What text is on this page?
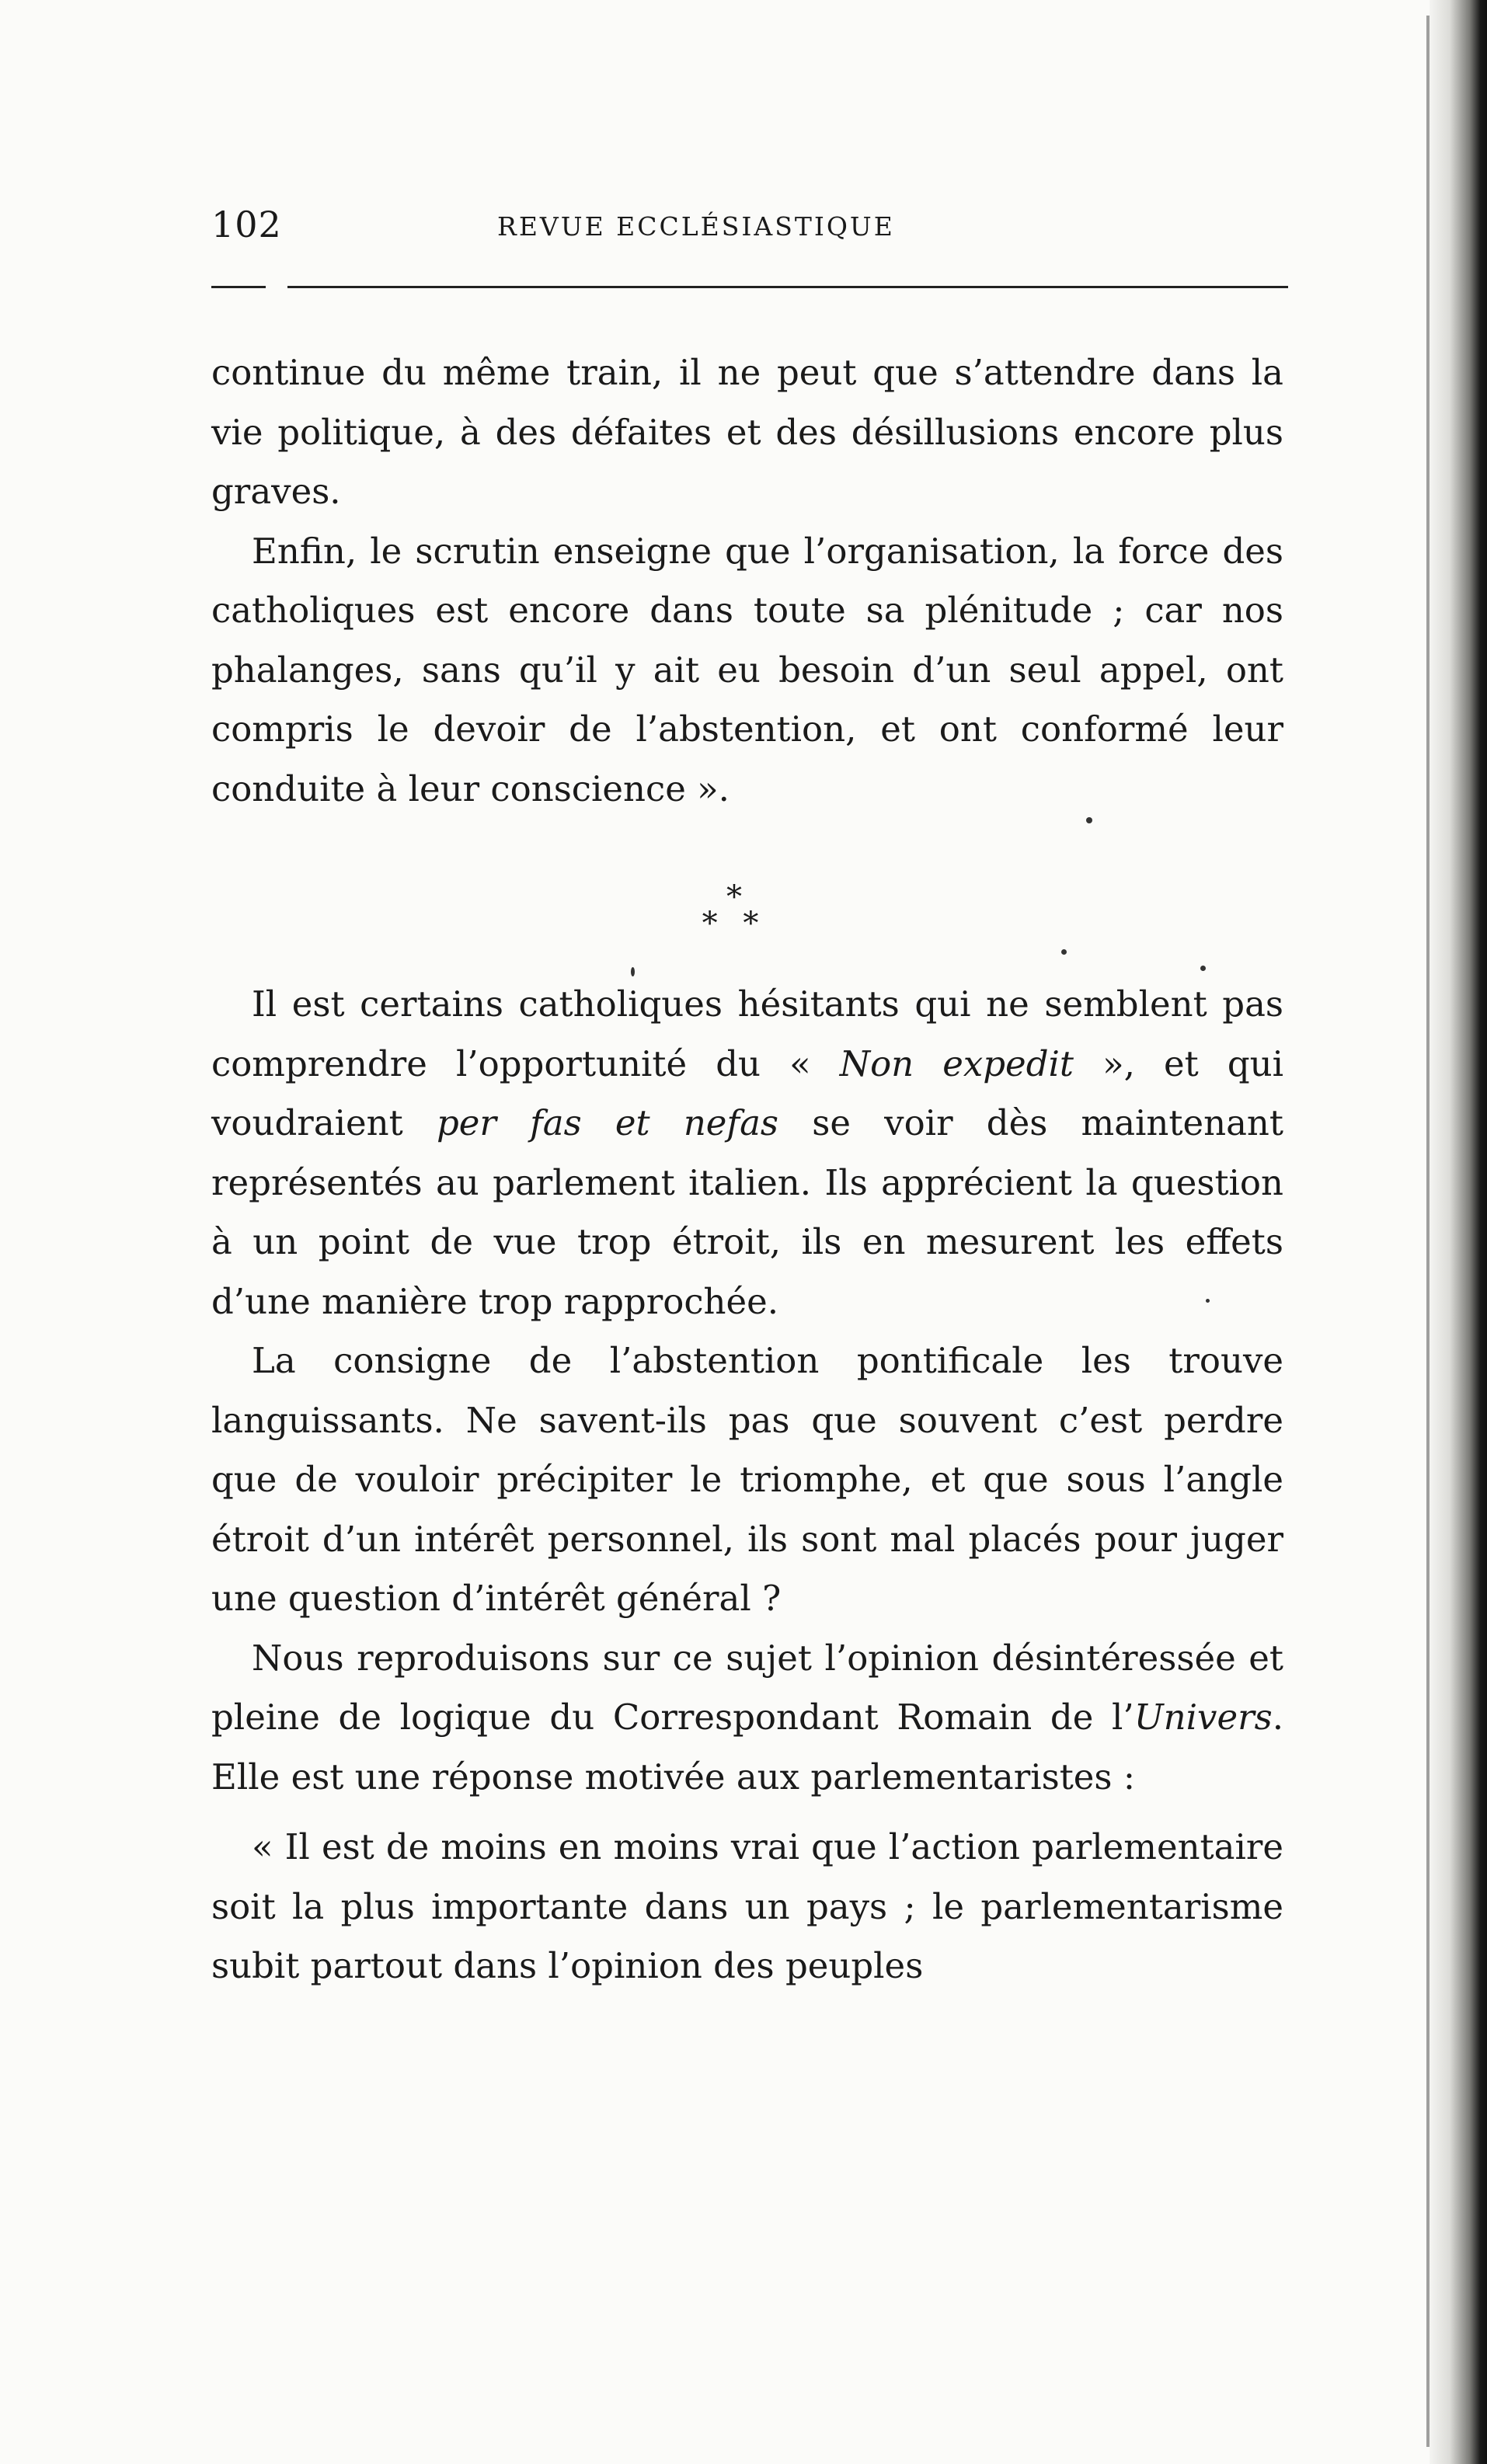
102	REVUE ECCLÉSIASTIQUE

continue du même train, il ne peut que s’attendre dans la vie politique, à des défaites et des désillusions encore plus graves.

Enfin, le scrutin enseigne que l’organisation, la force des catholiques est encore dans toute sa plénitude ; car nos phalanges, sans qu’il y ait eu besoin d’un seul appel, ont compris le devoir de l’abstention, et ont conformé leur conduite à leur conscience ».

*
* *

Il est certains catholiques hésitants qui ne semblent pas comprendre l’opportunité du « Non expedit », et qui voudraient per fas et nefas se voir dès maintenant représentés au parlement italien. Ils apprécient la question à un point de vue trop étroit, ils en mesurent les effets d’une manière trop rapprochée.

La consigne de l’abstention pontificale les trouve languissants. Ne savent-ils pas que souvent c’est perdre que de vouloir précipiter le triomphe, et que sous l’angle étroit d’un intérêt personnel, ils sont mal placés pour juger une question d’intérêt général ?

Nous reproduisons sur ce sujet l’opinion désintéressée et pleine de logique du Correspondant Romain de l’Univers. Elle est une réponse motivée aux parlementaristes :

« Il est de moins en moins vrai que l’action parlementaire soit la plus importante dans un pays ; le parlementarisme subit partout dans l’opinion des peuples
